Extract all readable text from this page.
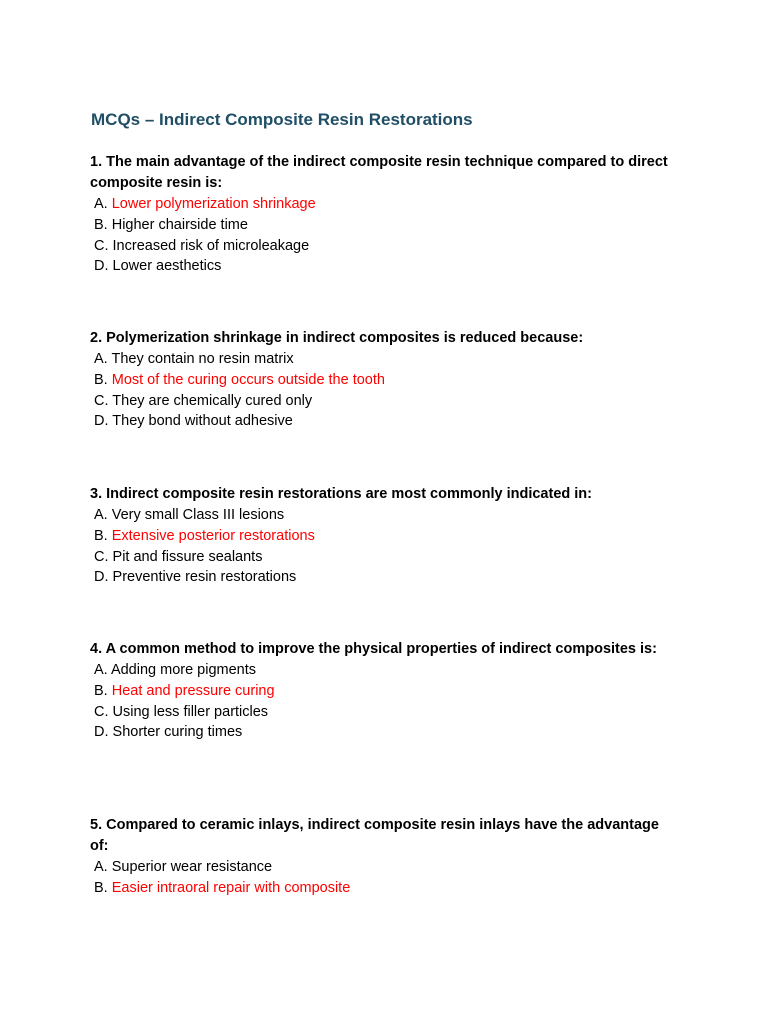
MCQs – Indirect Composite Resin Restorations

1. The main advantage of the indirect composite resin technique compared to direct composite resin is:

A. Lower polymerization shrinkage
B. Higher chairside time
C. Increased risk of microleakage
D. Lower aesthetics

2. Polymerization shrinkage in indirect composites is reduced because:

A. They contain no resin matrix
B. Most of the curing occurs outside the tooth
C. They are chemically cured only
D. They bond without adhesive

3. Indirect composite resin restorations are most commonly indicated in:

A. Very small Class III lesions
B. Extensive posterior restorations
C. Pit and fissure sealants
D. Preventive resin restorations

4. A common method to improve the physical properties of indirect composites is:

A. Adding more pigments
B. Heat and pressure curing
C. Using less filler particles
D. Shorter curing times

5. Compared to ceramic inlays, indirect composite resin inlays have the advantage of:

A. Superior wear resistance
B. Easier intraoral repair with composite
